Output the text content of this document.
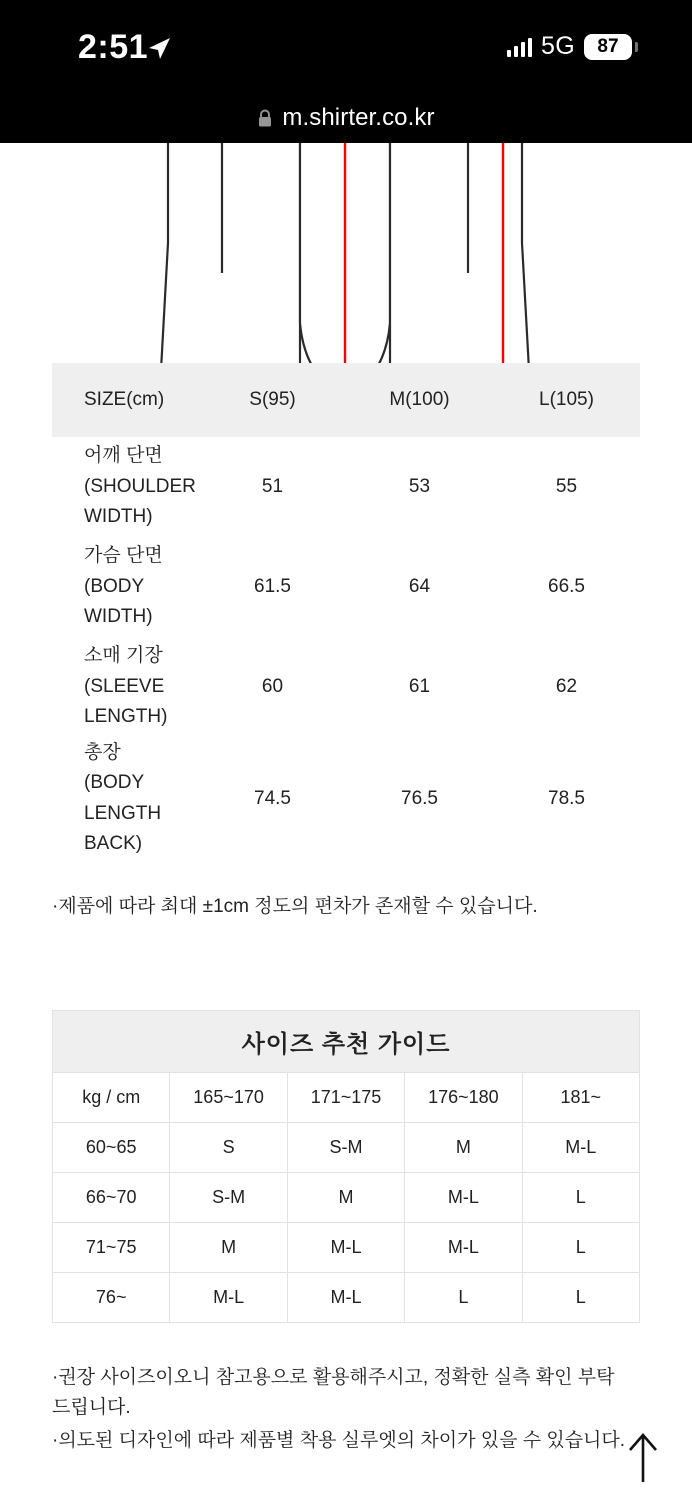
2:51	5G	87
m.shirter.co.kr
SIZE(cm)	S(95)	M(100)	L(105)
어깨 단면(SHOULDER WIDTH)	51	53	55
가슴 단면(BODY WIDTH)	61.5	64	66.5
소매 기장(SLEEVE LENGTH)	60	61	62
총장(BODY LENGTH BACK)	74.5	76.5	78.5
·제품에 따라 최대 ±1cm 정도의 편차가 존재할 수 있습니다.
사이즈 추천 가이드
kg / cm	165~170	171~175	176~180	181~
60~65	S	S-M	M	M-L
66~70	S-M	M	M-L	L
71~75	M	M-L	M-L	L
76~	M-L	M-L	L	L
·권장 사이즈이오니 참고용으로 활용해주시고, 정확한 실측 확인 부탁드립니다.
·의도된 디자인에 따라 제품별 착용 실루엣의 차이가 있을 수 있습니다.
